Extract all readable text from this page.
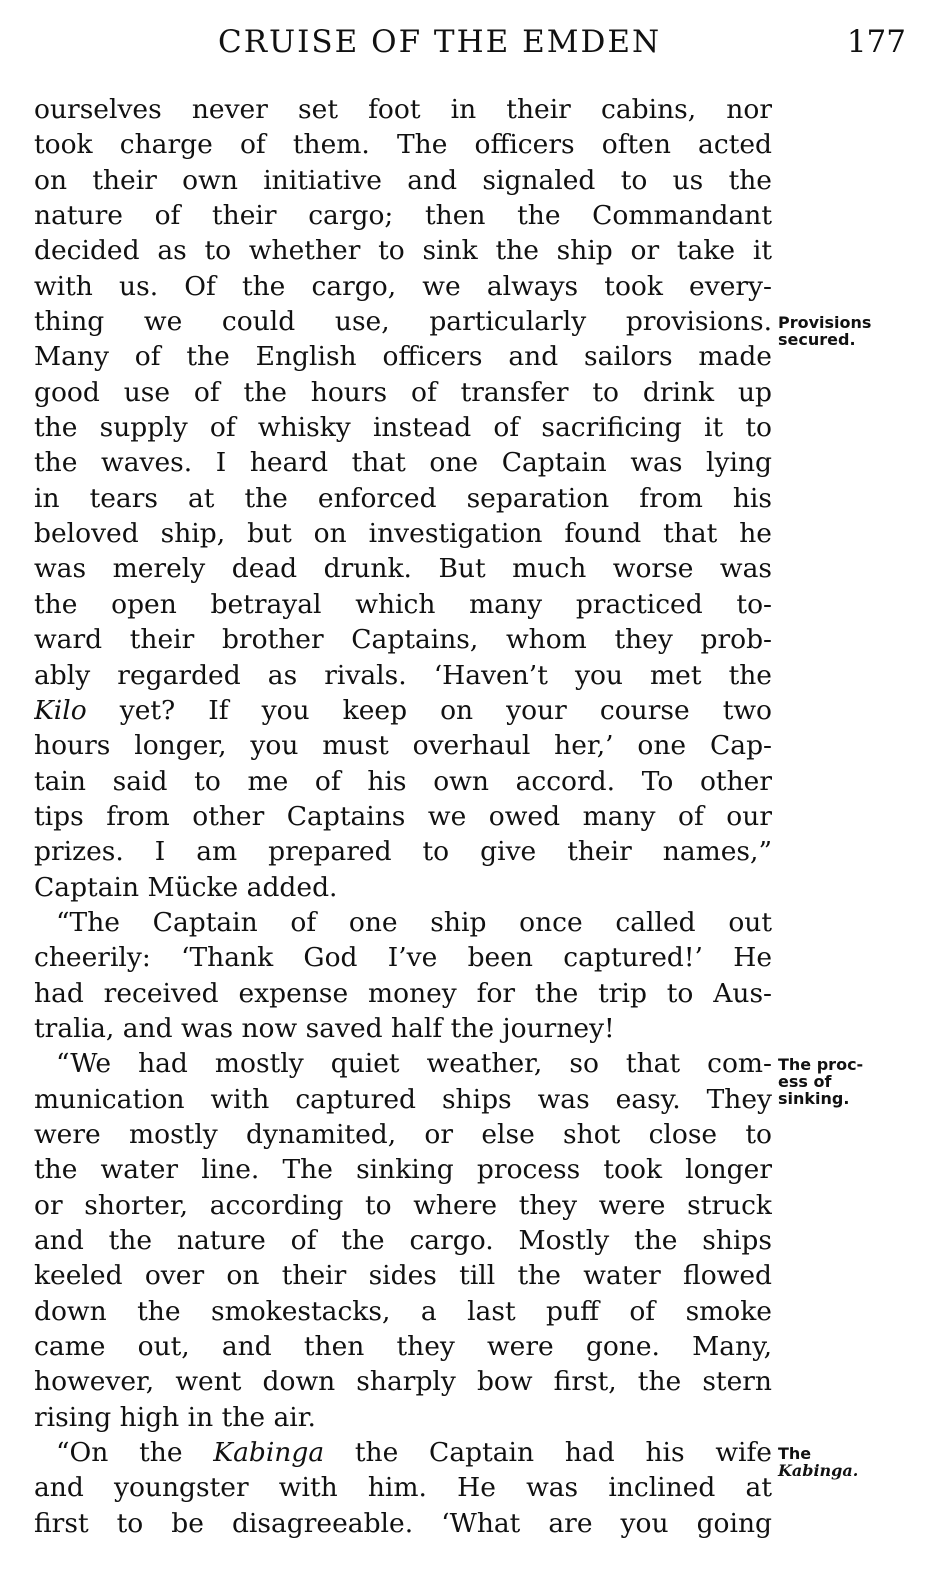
CRUISE OF THE EMDEN	177
ourselves never set foot in their cabins, nor
took charge of them. The officers often acted
on their own initiative and signaled to us the
nature of their cargo; then the Commandant
decided as to whether to sink the ship or take it
with us. Of the cargo, we always took every-
thing we could use, particularly provisions.
Many of the English officers and sailors made
good use of the hours of transfer to drink up
the supply of whisky instead of sacrificing it to
the waves. I heard that one Captain was lying
in tears at the enforced separation from his
beloved ship, but on investigation found that he
was merely dead drunk. But much worse was
the open betrayal which many practiced to-
ward their brother Captains, whom they prob-
ably regarded as rivals. ‘Haven’t you met the
Kilo yet? If you keep on your course two
hours longer, you must overhaul her,’ one Cap-
tain said to me of his own accord. To other
tips from other Captains we owed many of our
prizes. I am prepared to give their names,”
Captain Mücke added.
“The Captain of one ship once called out
cheerily: ‘Thank God I’ve been captured!’ He
had received expense money for the trip to Aus-
tralia, and was now saved half the journey!
“We had mostly quiet weather, so that com-
munication with captured ships was easy. They
were mostly dynamited, or else shot close to
the water line. The sinking process took longer
or shorter, according to where they were struck
and the nature of the cargo. Mostly the ships
keeled over on their sides till the water flowed
down the smokestacks, a last puff of smoke
came out, and then they were gone. Many,
however, went down sharply bow first, the stern
rising high in the air.
“On the Kabinga the Captain had his wife
and youngster with him. He was inclined at
first to be disagreeable. ‘What are you going
Provisions
secured.
The proc-
ess of
sinking.
The
Kabinga.
